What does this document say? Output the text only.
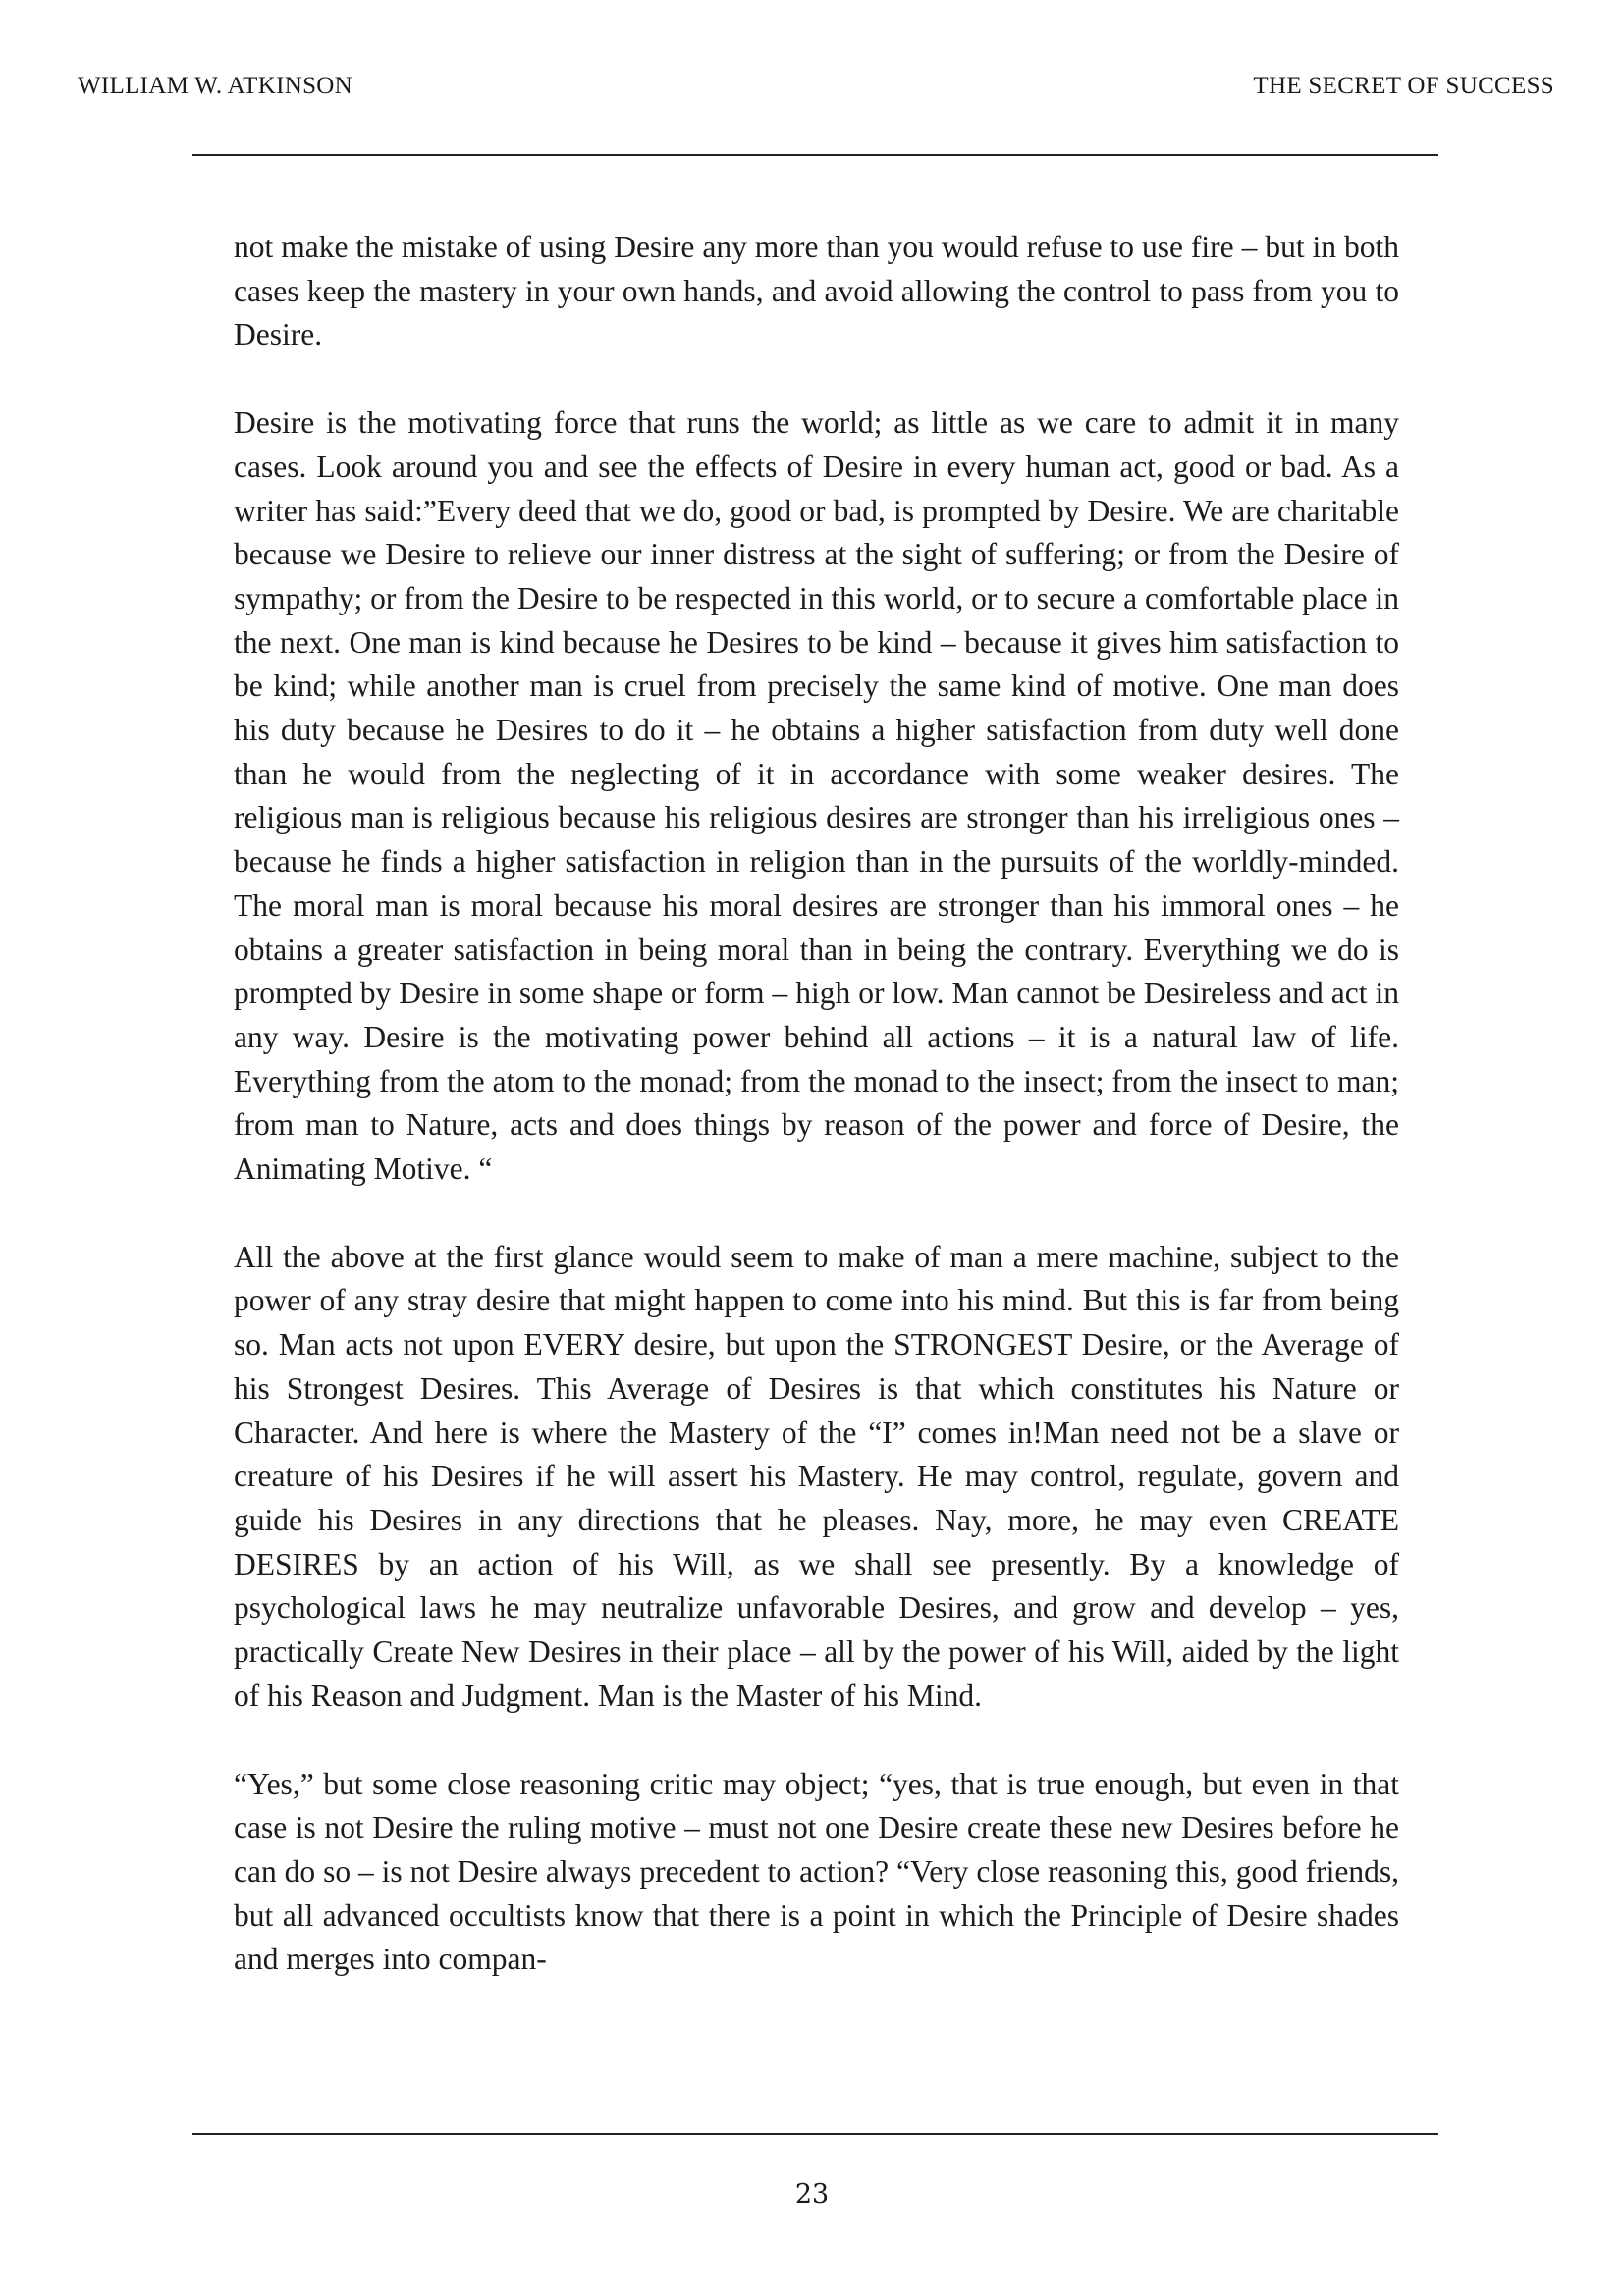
WILLIAM W. ATKINSON	THE SECRET OF SUCCESS

not make the mistake of using Desire any more than you would refuse to use fire – but in both cases keep the mastery in your own hands, and avoid allowing the control to pass from you to Desire.

Desire is the motivating force that runs the world; as little as we care to admit it in many cases. Look around you and see the effects of Desire in every human act, good or bad. As a writer has said:”Every deed that we do, good or bad, is prompted by Desire. We are charitable because we Desire to relieve our inner distress at the sight of suffering; or from the Desire of sympathy; or from the Desire to be respected in this world, or to secure a comfortable place in the next. One man is kind because he Desires to be kind – because it gives him satisfaction to be kind; while another man is cruel from precisely the same kind of motive. One man does his duty because he Desires to do it – he obtains a higher satisfaction from duty well done than he would from the neglecting of it in accordance with some weaker desires. The religious man is religious because his religious desires are stronger than his irreligious ones – because he finds a higher satisfaction in religion than in the pursuits of the worldly-minded. The moral man is moral because his moral desires are stronger than his immoral ones – he obtains a greater satisfaction in being moral than in being the contrary. Everything we do is prompted by Desire in some shape or form – high or low. Man cannot be Desireless and act in any way. Desire is the motivating power behind all actions – it is a natural law of life. Everything from the atom to the monad; from the monad to the insect; from the insect to man; from man to Nature, acts and does things by reason of the power and force of Desire, the Animating Motive. “

All the above at the first glance would seem to make of man a mere machine, subject to the power of any stray desire that might happen to come into his mind. But this is far from being so. Man acts not upon EVERY desire, but upon the STRONGEST Desire, or the Average of his Strongest Desires. This Average of Desires is that which constitutes his Nature or Character. And here is where the Mastery of the “I” comes in!Man need not be a slave or creature of his Desires if he will assert his Mastery. He may control, regulate, govern and guide his Desires in any directions that he pleases. Nay, more, he may even CREATE DESIRES by an action of his Will, as we shall see presently. By a knowledge of psychological laws he may neutralize unfavorable Desires, and grow and develop – yes, practically Create New Desires in their place – all by the power of his Will, aided by the light of his Reason and Judgment. Man is the Master of his Mind.

“Yes,” but some close reasoning critic may object; “yes, that is true enough, but even in that case is not Desire the ruling motive – must not one Desire create these new Desires before he can do so – is not Desire always precedent to action? “Very close reasoning this, good friends, but all advanced occultists know that there is a point in which the Principle of Desire shades and merges into compan-

23
